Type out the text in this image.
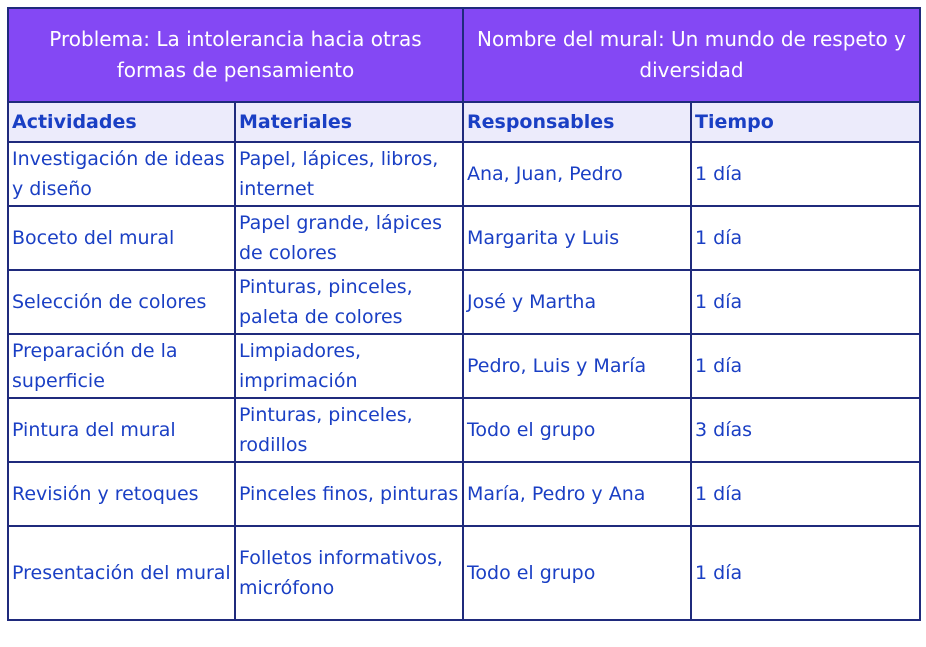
Problema: La intolerancia hacia otras formas de pensamiento		Nombre del mural: Un mundo de respeto y diversidad	
Actividades	Materiales	Responsables	Tiempo
Investigación de ideas y diseño	Papel, lápices, libros, internet	Ana, Juan, Pedro	1 día
Boceto del mural	Papel grande, lápices de colores	Margarita y Luis	1 día
Selección de colores	Pinturas, pinceles, paleta de colores	José y Martha	1 día
Preparación de la superficie	Limpiadores, imprimación	Pedro, Luis y María	1 día
Pintura del mural	Pinturas, pinceles, rodillos	Todo el grupo	3 días
Revisión y retoques	Pinceles finos, pinturas	María, Pedro y Ana	1 día
Presentación del mural	Folletos informativos, micrófono	Todo el grupo	1 día
